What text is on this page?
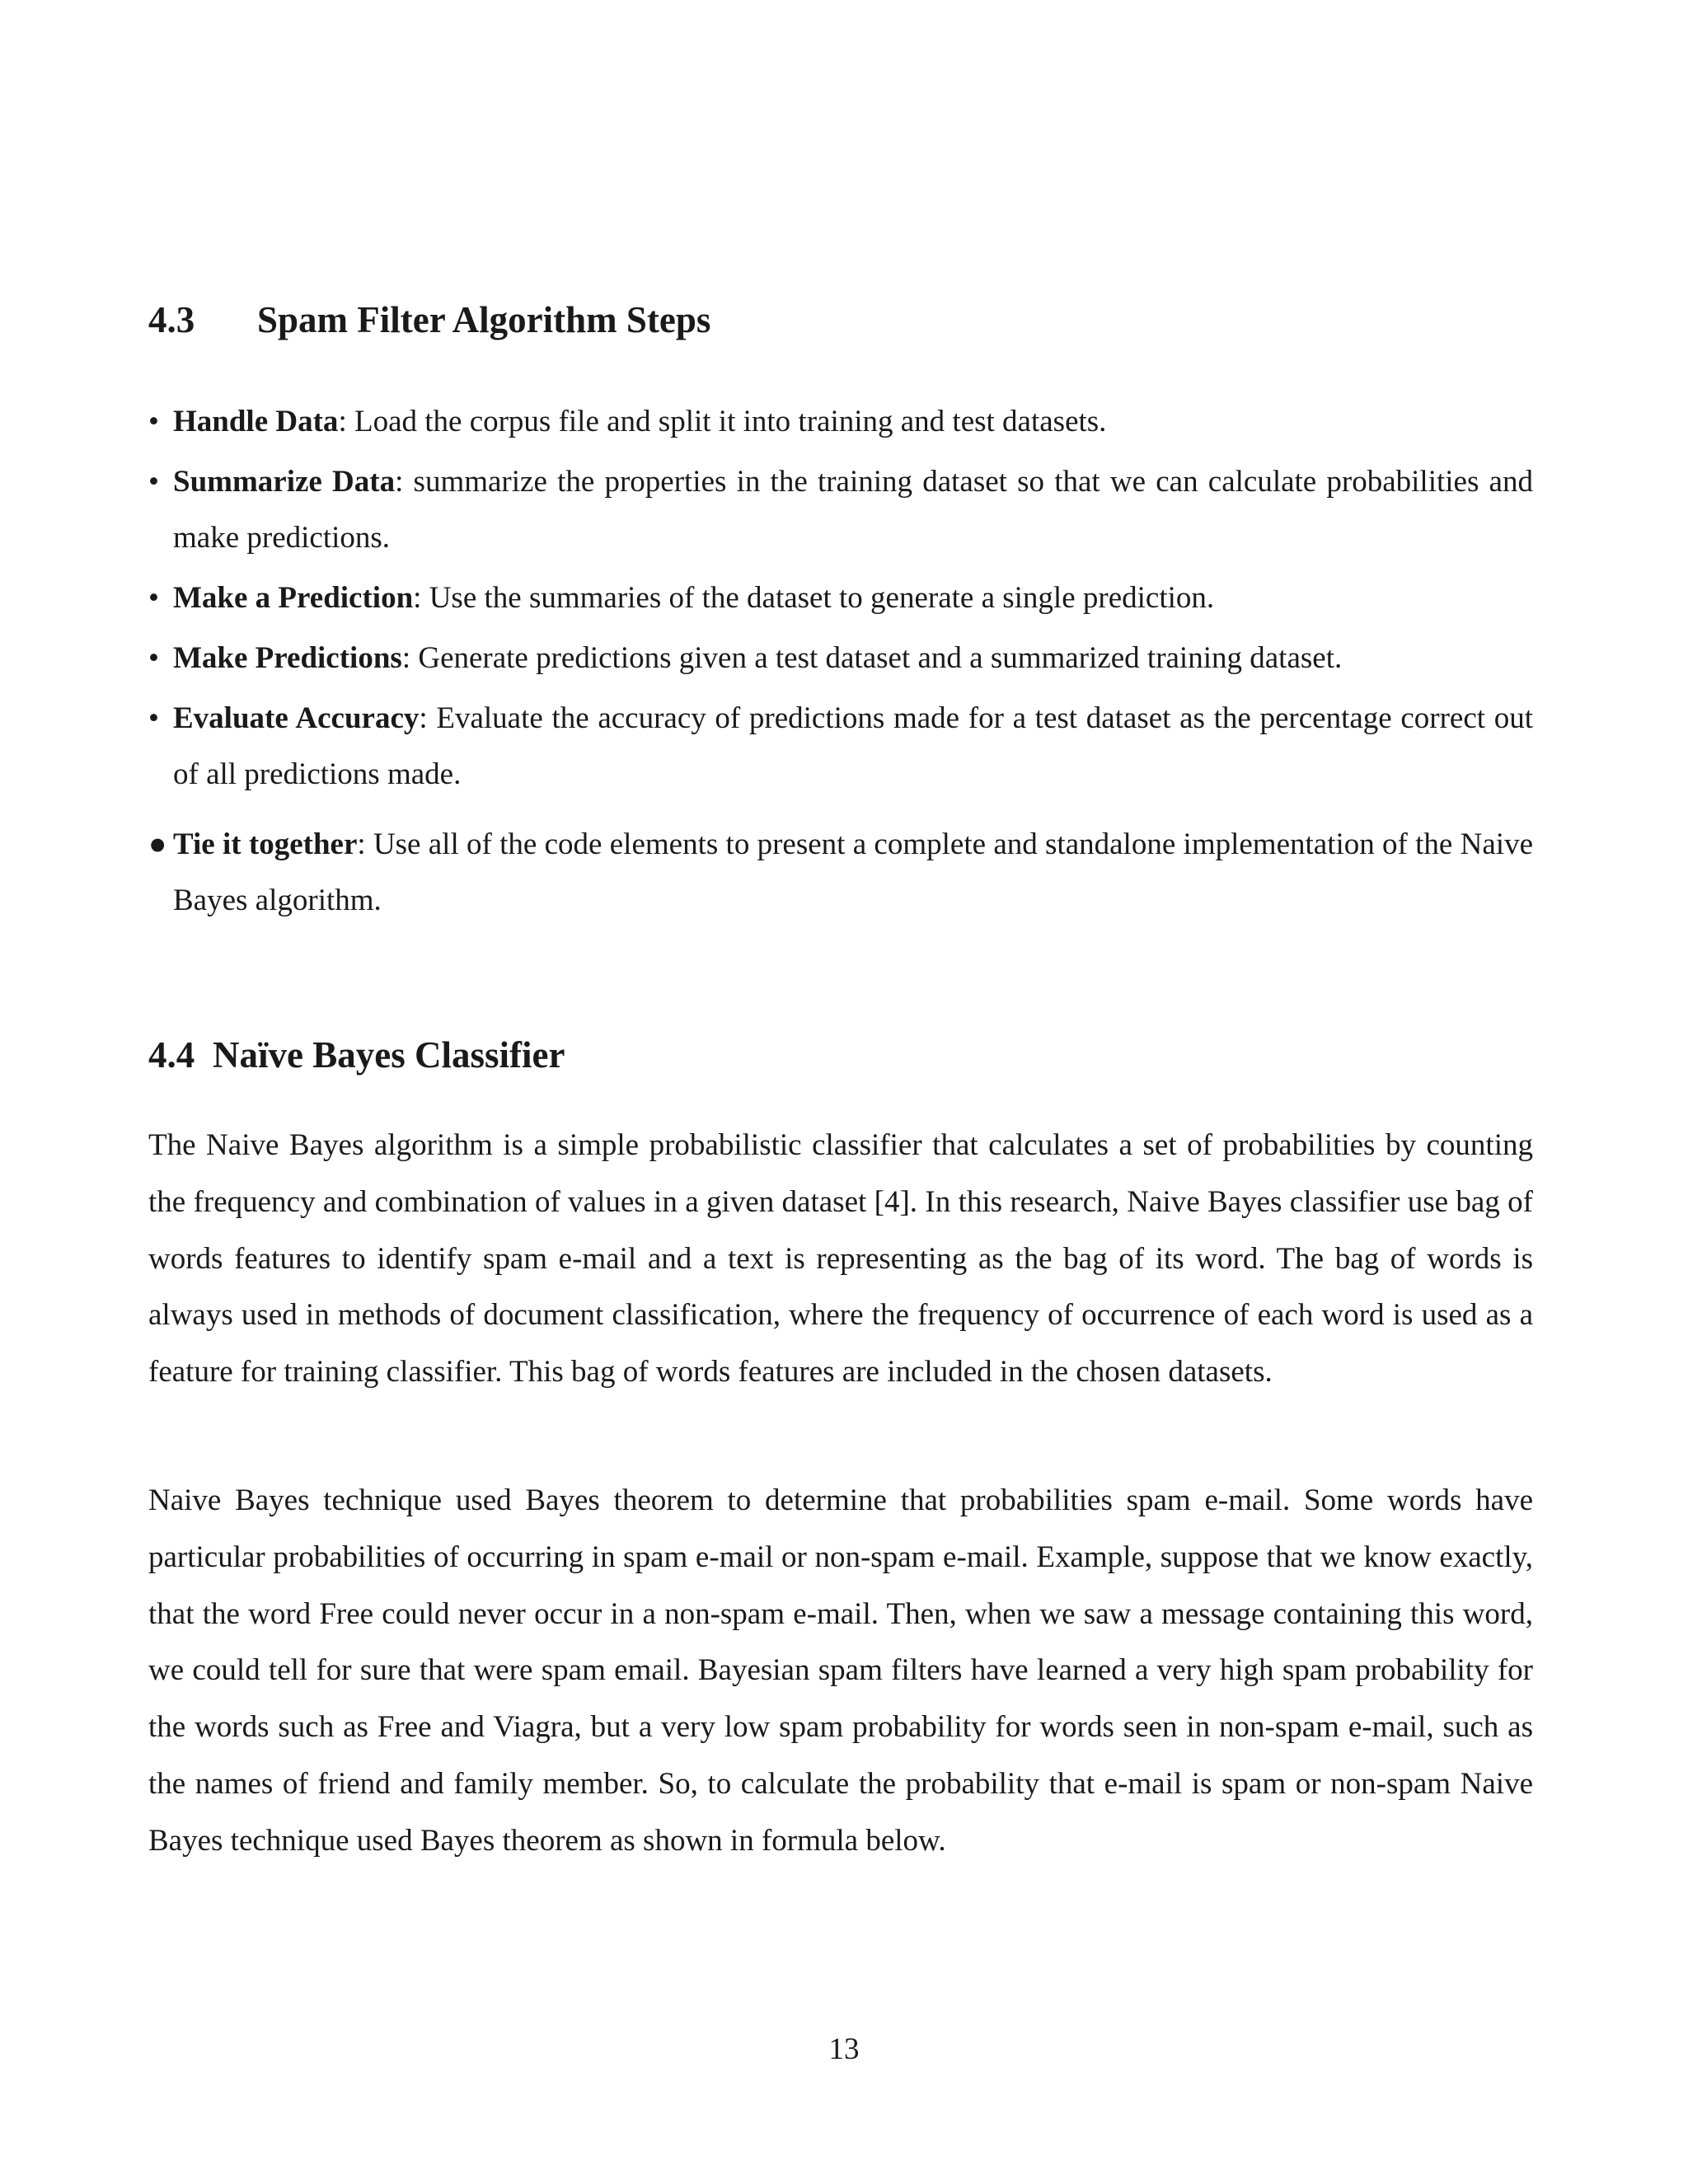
4.3 Spam Filter Algorithm Steps
• Handle Data: Load the corpus file and split it into training and test datasets.
• Summarize Data: summarize the properties in the training dataset so that we can calculate probabilities and make predictions.
• Make a Prediction: Use the summaries of the dataset to generate a single prediction.
• Make Predictions: Generate predictions given a test dataset and a summarized training dataset.
• Evaluate Accuracy: Evaluate the accuracy of predictions made for a test dataset as the percentage correct out of all predictions made.
● Tie it together: Use all of the code elements to present a complete and standalone implementation of the Naive Bayes algorithm.
4.4 Naïve Bayes Classifier

The Naive Bayes algorithm is a simple probabilistic classifier that calculates a set of probabilities by counting the frequency and combination of values in a given dataset [4]. In this research, Naive Bayes classifier use bag of words features to identify spam e-mail and a text is representing as the bag of its word. The bag of words is always used in methods of document classification, where the frequency of occurrence of each word is used as a feature for training classifier. This bag of words features are included in the chosen datasets.

Naive Bayes technique used Bayes theorem to determine that probabilities spam e-mail. Some words have particular probabilities of occurring in spam e-mail or non-spam e-mail. Example, suppose that we know exactly, that the word Free could never occur in a non-spam e-mail. Then, when we saw a message containing this word, we could tell for sure that were spam email. Bayesian spam filters have learned a very high spam probability for the words such as Free and Viagra, but a very low spam probability for words seen in non-spam e-mail, such as the names of friend and family member. So, to calculate the probability that e-mail is spam or non-spam Naive Bayes technique used Bayes theorem as shown in formula below.

13
